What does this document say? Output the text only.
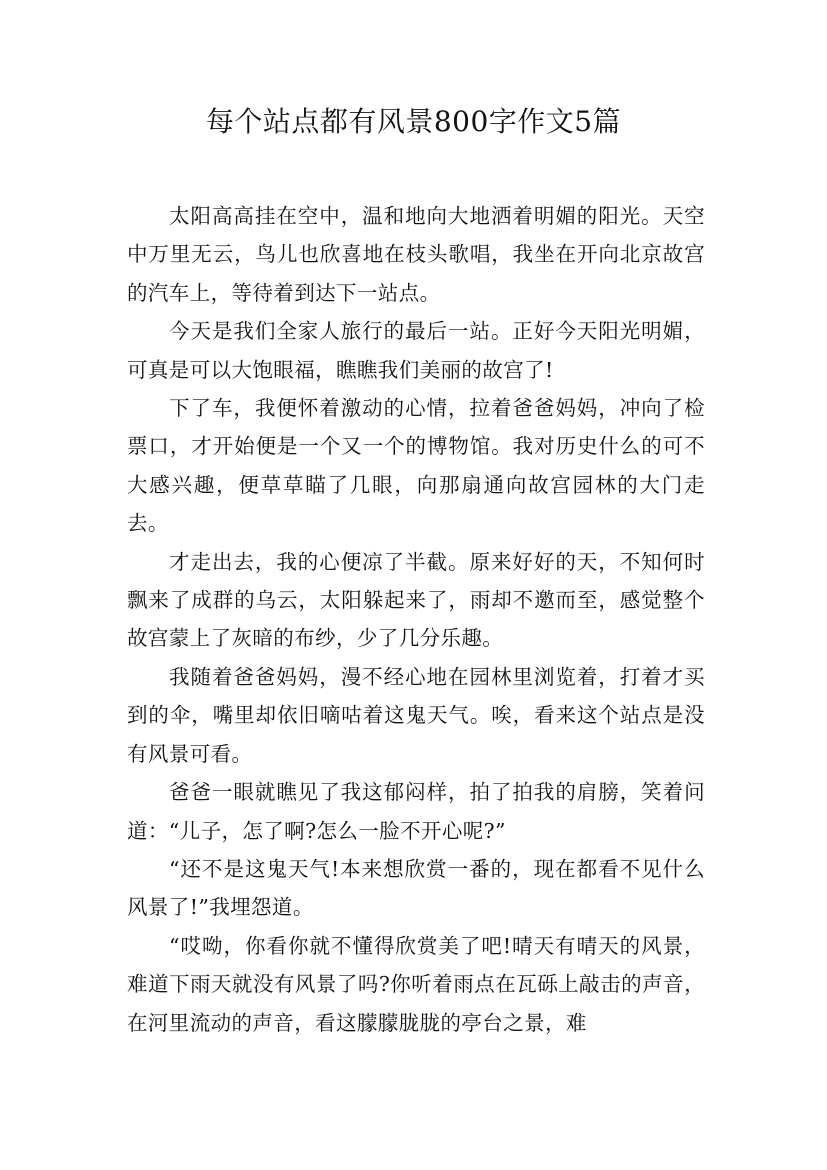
每个站点都有风景800字作文5篇

太阳高高挂在空中，温和地向大地洒着明媚的阳光。天空中万里无云，鸟儿也欣喜地在枝头歌唱，我坐在开向北京故宫的汽车上，等待着到达下一站点。

今天是我们全家人旅行的最后一站。正好今天阳光明媚，可真是可以大饱眼福，瞧瞧我们美丽的故宫了!

下了车，我便怀着激动的心情，拉着爸爸妈妈，冲向了检票口，才开始便是一个又一个的博物馆。我对历史什么的可不大感兴趣，便草草瞄了几眼，向那扇通向故宫园林的大门走去。

才走出去，我的心便凉了半截。原来好好的天，不知何时飘来了成群的乌云，太阳躲起来了，雨却不邀而至，感觉整个故宫蒙上了灰暗的布纱，少了几分乐趣。

我随着爸爸妈妈，漫不经心地在园林里浏览着，打着才买到的伞，嘴里却依旧嘀咕着这鬼天气。唉，看来这个站点是没有风景可看。

爸爸一眼就瞧见了我这郁闷样，拍了拍我的肩膀，笑着问道：“儿子，怎了啊?怎么一脸不开心呢?”

“还不是这鬼天气!本来想欣赏一番的，现在都看不见什么风景了!”我埋怨道。

“哎呦，你看你就不懂得欣赏美了吧!晴天有晴天的风景，难道下雨天就没有风景了吗?你听着雨点在瓦砾上敲击的声音，在河里流动的声音，看这朦朦胧胧的亭台之景，难
